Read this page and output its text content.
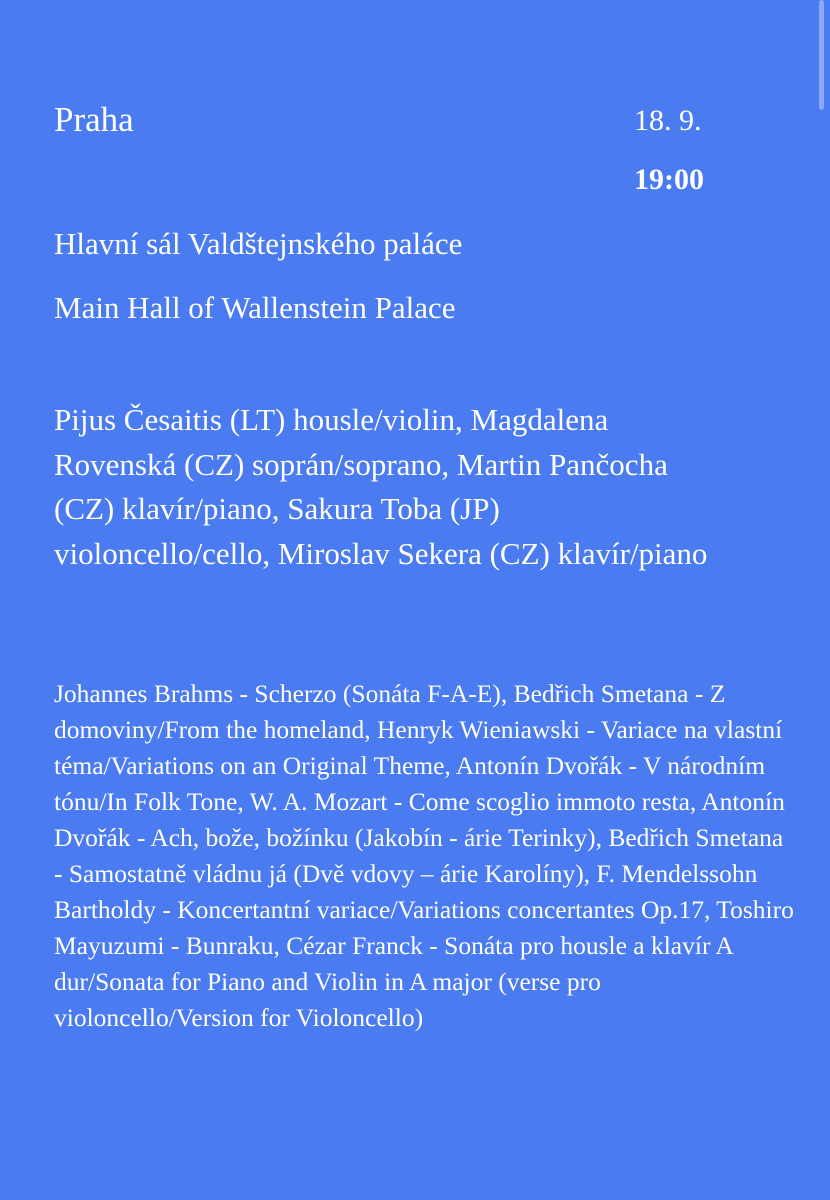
Praha	18. 9.
19:00
Hlavní sál Valdštejnského paláce
Main Hall of Wallenstein Palace

Pijus Česaitis (LT) housle/violin, Magdalena Rovenská (CZ) soprán/soprano, Martin Pančocha (CZ) klavír/piano, Sakura Toba (JP) violoncello/cello, Miroslav Sekera (CZ) klavír/piano

Johannes Brahms - Scherzo (Sonáta F-A-E), Bedřich Smetana - Z domoviny/From the homeland, Henryk Wieniawski - Variace na vlastní téma/Variations on an Original Theme, Antonín Dvořák - V národním tónu/In Folk Tone, W. A. Mozart - Come scoglio immoto resta, Antonín Dvořák - Ach, bože, božínku (Jakobín - árie Terinky), Bedřich Smetana - Samostatně vládnu já (Dvě vdovy – árie Karolíny), F. Mendelssohn Bartholdy - Koncertantní variace/Variations concertantes Op.17, Toshiro Mayuzumi - Bunraku, Cézar Franck - Sonáta pro housle a klavír A dur/Sonata for Piano and Violin in A major (verse pro violoncello/Version for Violoncello)
